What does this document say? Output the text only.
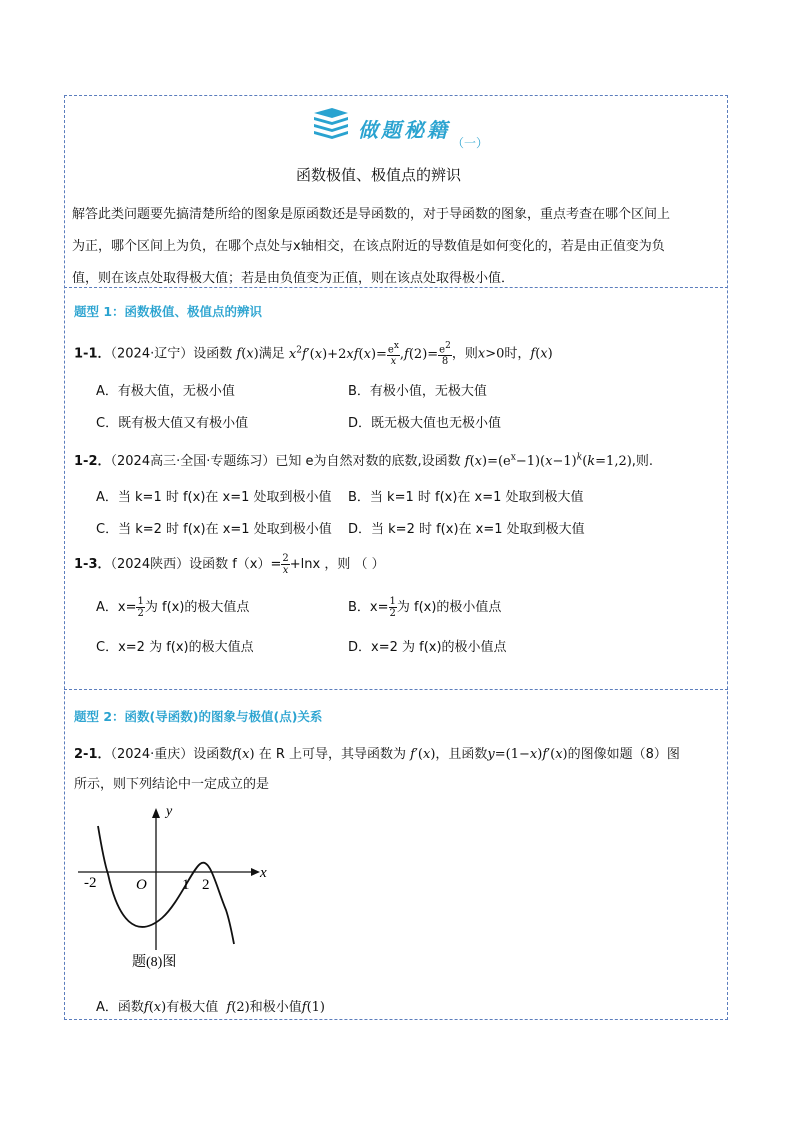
做题秘籍
（一）
函数极值、极值点的辨识

解答此类问题要先搞清楚所给的图象是原函数还是导函数的，对于导函数的图象，重点考查在哪个区间上

为正，哪个区间上为负，在哪个点处与x轴相交，在该点附近的导数值是如何变化的，若是由正值变为负

值，则在该点处取得极大值；若是由负值变为正值，则在该点处取得极小值．

题型 1：函数极值、极值点的辨识
1-1．（2024·辽宁）设函数 f(x)满足 $x^2f'(x)+2xf(x)= \frac{e^x}{x} ,f(2)= \frac{e^2}{8}$ ，则x>0时，f(x)
A．有极大值，无极小值	B．有极小值，无极大值
C．既有极大值又有极小值	D．既无极大值也无极小值
1-2．（2024高三·全国·专题练习）已知 e为自然对数的底数,设函数 $f(x)=(e^x-1)(x-1)^k(k=1,2)$,则.
A．当 k=1 时 f(x)在 x=1 处取到极小值 B．当 k=1 时 f(x)在 x=1 处取到极大值
C．当 k=2 时 f(x)在 x=1 处取到极小值 D．当 k=2 时 f(x)在 x=1 处取到极大值
1-3．（2024陕西）设函数 $f(x)= \frac{2}{x} +\ln x$ ，则 （ ）
A．$x= \frac{1}{2}$ 为 f(x)的极大值点	B．$x= \frac{1}{2}$ 为 f(x)的极小值点
C．x=2 为 f(x)的极大值点	D．x=2 为 f(x)的极小值点
题型 2：函数(导函数)的图象与极值(点)关系
2-1．（2024·重庆）设函数f(x) 在 R 上可导，其导函数为 f′(x)，且函数y=(1−x)f′(x)的图像如题（8）图
所示，则下列结论中一定成立的是
y
x
O
-2	1 2
题(8)图
A．函数f(x)有极大值 f(2)和极小值f(1)
